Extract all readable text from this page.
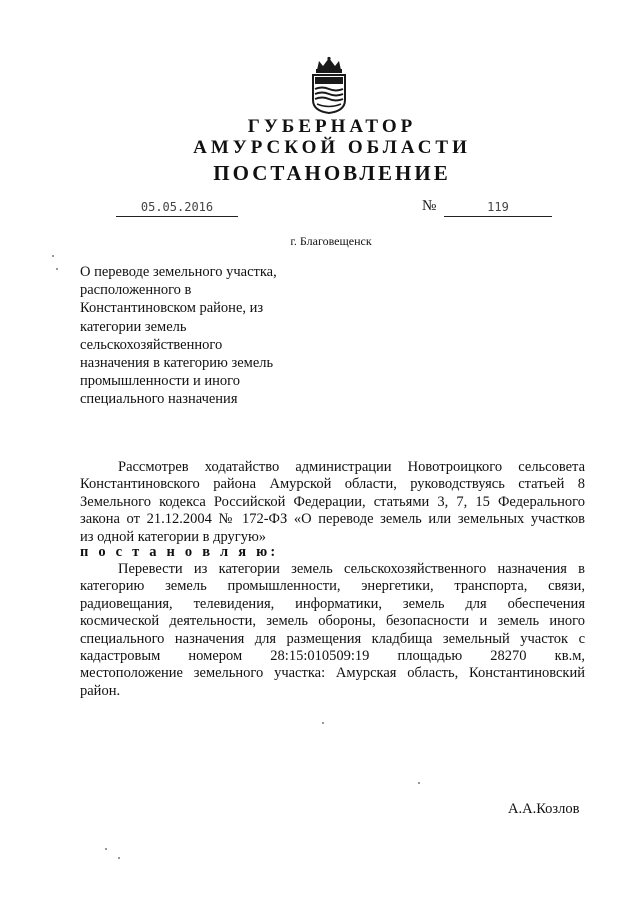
ГУБЕРНАТОР
АМУРСКОЙ ОБЛАСТИ
ПОСТАНОВЛЕНИЕ
05.05.2016	№	119
г. Благовещенск
О переводе земельного участка,
расположенного в
Константиновском районе, из
категории земель
сельскохозяйственного
назначения в категорию земель
промышленности и иного
специального назначения
Рассмотрев ходатайство администрации Новотроицкого сельсовета
Константиновского района Амурской области, руководствуясь статьей 8
Земельного кодекса Российской Федерации, статьями 3, 7, 15 Федерального
закона от 21.12.2004 № 172-ФЗ «О переводе земель или земельных участков
из одной категории в другую»
п о с т а н о в л я ю:
Перевести из категории земель сельскохозяйственного назначения в
категорию земель промышленности, энергетики, транспорта, связи,
радиовещания, телевидения, информатики, земель для обеспечения
космической деятельности, земель обороны, безопасности и земель иного
специального назначения для размещения кладбища земельный участок с
кадастровым номером 28:15:010509:19 площадью 28270 кв.м,
местоположение земельного участка: Амурская область, Константиновский
район.
А.А.Козлов
